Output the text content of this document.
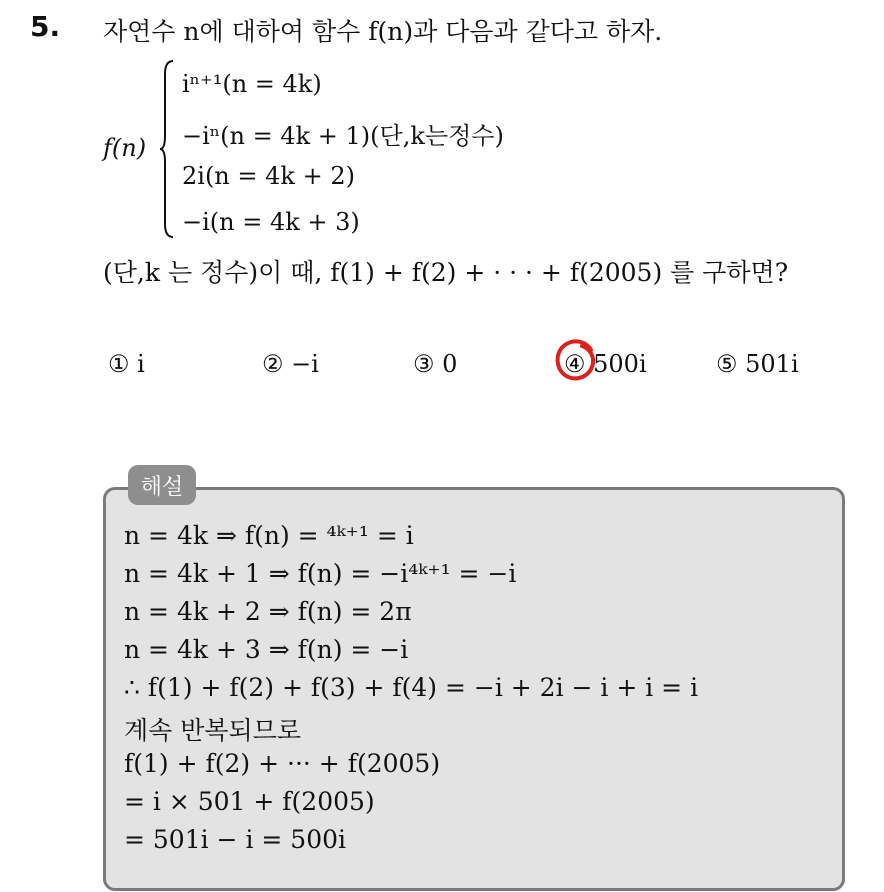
5. 자연수 n에 대하여 함수 f(n)과 다음과 같다고 하자.
f(n)
iⁿ⁺¹(n = 4k)
−iⁿ(n = 4k + 1)(단,k는정수)
2i(n = 4k + 2)
−i(n = 4k + 3)
(단,k 는 정수)이 때, f(1) + f(2) + · · · + f(2005) 를 구하면?
① i	② −i	③ 0	④ 500i	⑤ 501i
해설
n = 4k ⇒ f(n) = ⁴ᵏ⁺¹ = i
n = 4k + 1 ⇒ f(n) = −i⁴ᵏ⁺¹ = −i
n = 4k + 2 ⇒ f(n) = 2π
n = 4k + 3 ⇒ f(n) = −i
∴ f(1) + f(2) + f(3) + f(4) = −i + 2i − i + i = i
계속 반복되므로
f(1) + f(2) + ··· + f(2005)
= i × 501 + f(2005)
= 501i − i = 500i
